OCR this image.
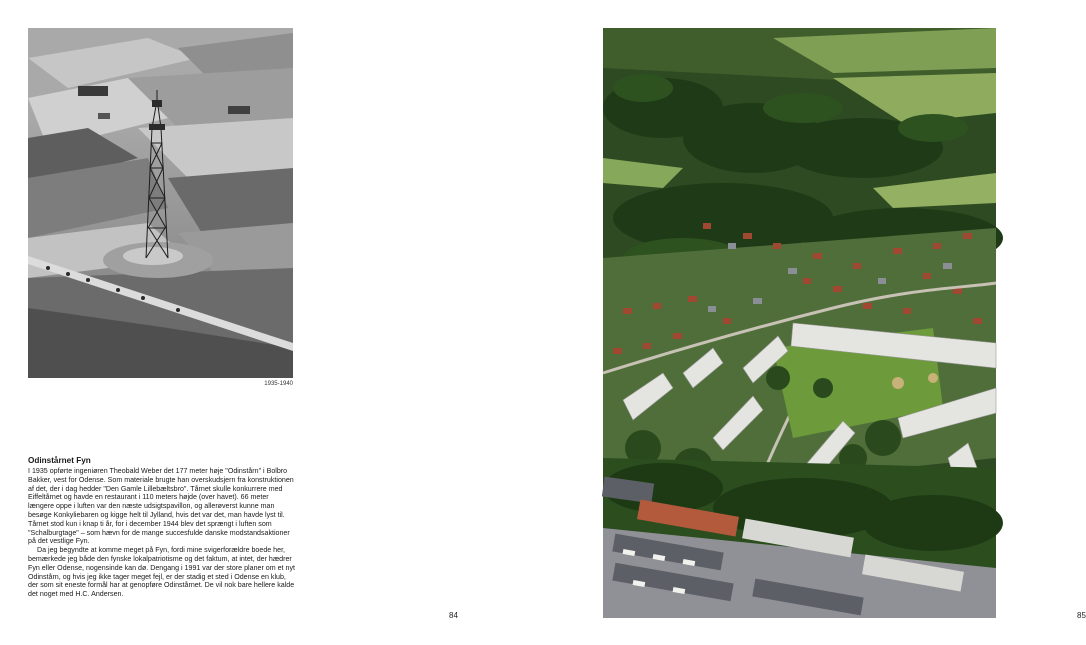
1935-1940
Odinstårnet Fyn

I 1935 opførte ingeniøren Theobald Weber det 177 meter høje "Odinstårn" i Bolbro Bakker, vest for Odense. Som materiale brugte han overskudsjern fra konstruktionen af det, der i dag hedder "Den Gamle Lillebæltsbro". Tårnet skulle konkurrere med Eiffeltårnet og havde en restaurant i 110 meters højde (over havet). 66 meter længere oppe i luften var den næste udsigtspavillon, og allerøverst kunne man besøge Konkyliebaren og kigge helt til Jylland, hvis det var det, man havde lyst til. Tårnet stod kun i knap ti år, for i december 1944 blev det sprængt i luften som "Schalburgtage" – som hævn for de mange succesfulde danske modstandsaktioner på det vestlige Fyn.

Da jeg begyndte at komme meget på Fyn, fordi mine svigerforældre boede her, bemærkede jeg både den fynske lokalpatriotisme og det faktum, at intet, der hædrer Fyn eller Odense, nogensinde kan dø. Dengang i 1991 var der store planer om et nyt Odinstårn, og hvis jeg ikke tager meget fejl, er der stadig et sted i Odense en klub, der som sit eneste formål har at genopføre Odinstårnet. De vil nok bare hellere kalde det noget med H.C. Andersen.

84	85
